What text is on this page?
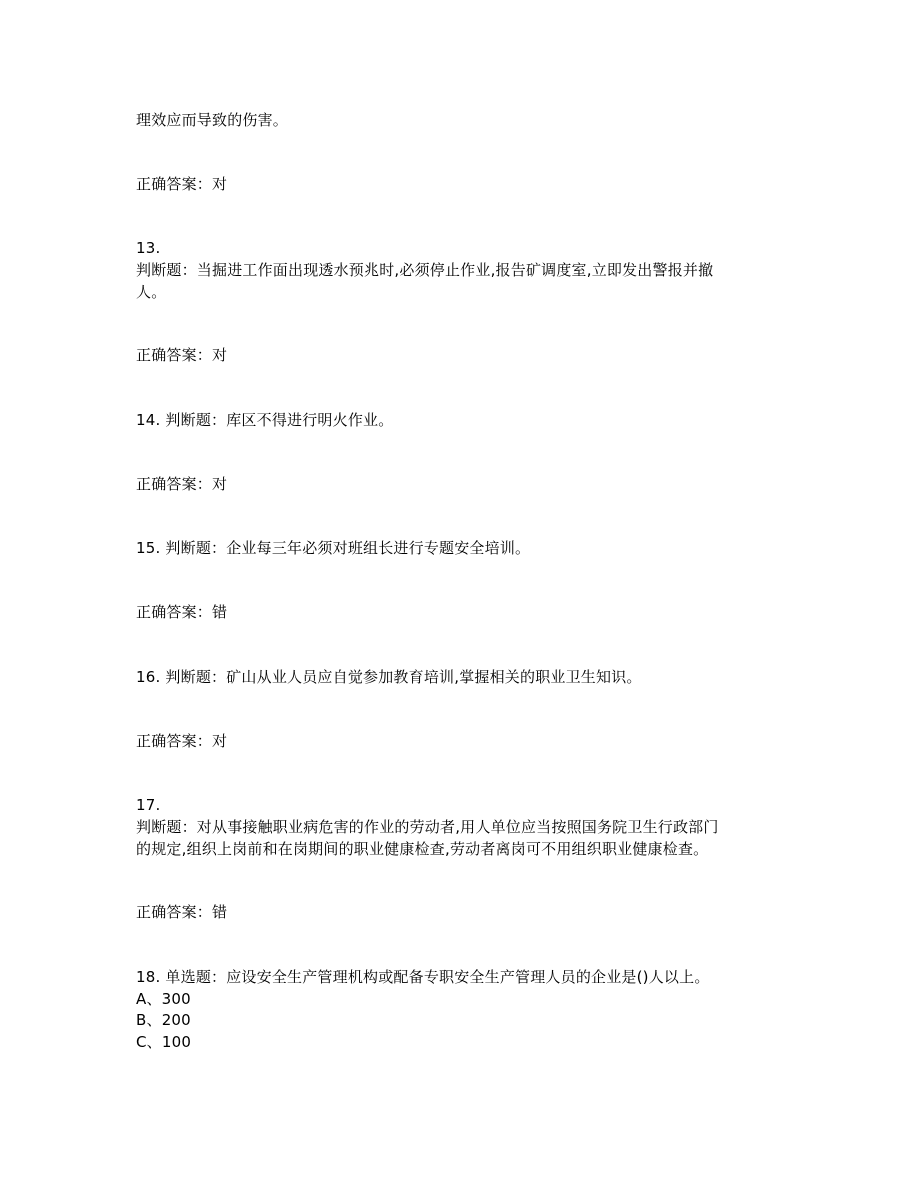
理效应而导致的伤害。
正确答案：对
13.
判断题：当掘进工作面出现透水预兆时,必须停止作业,报告矿调度室,立即发出警报并撤
人。
正确答案：对
14. 判断题：库区不得进行明火作业。
正确答案：对
15. 判断题：企业每三年必须对班组长进行专题安全培训。
正确答案：错
16. 判断题：矿山从业人员应自觉参加教育培训,掌握相关的职业卫生知识。
正确答案：对
17.
判断题：对从事接触职业病危害的作业的劳动者,用人单位应当按照国务院卫生行政部门
的规定,组织上岗前和在岗期间的职业健康检查,劳动者离岗可不用组织职业健康检查。
正确答案：错
18. 单选题：应设安全生产管理机构或配备专职安全生产管理人员的企业是()人以上。
A、300
B、200
C、100
